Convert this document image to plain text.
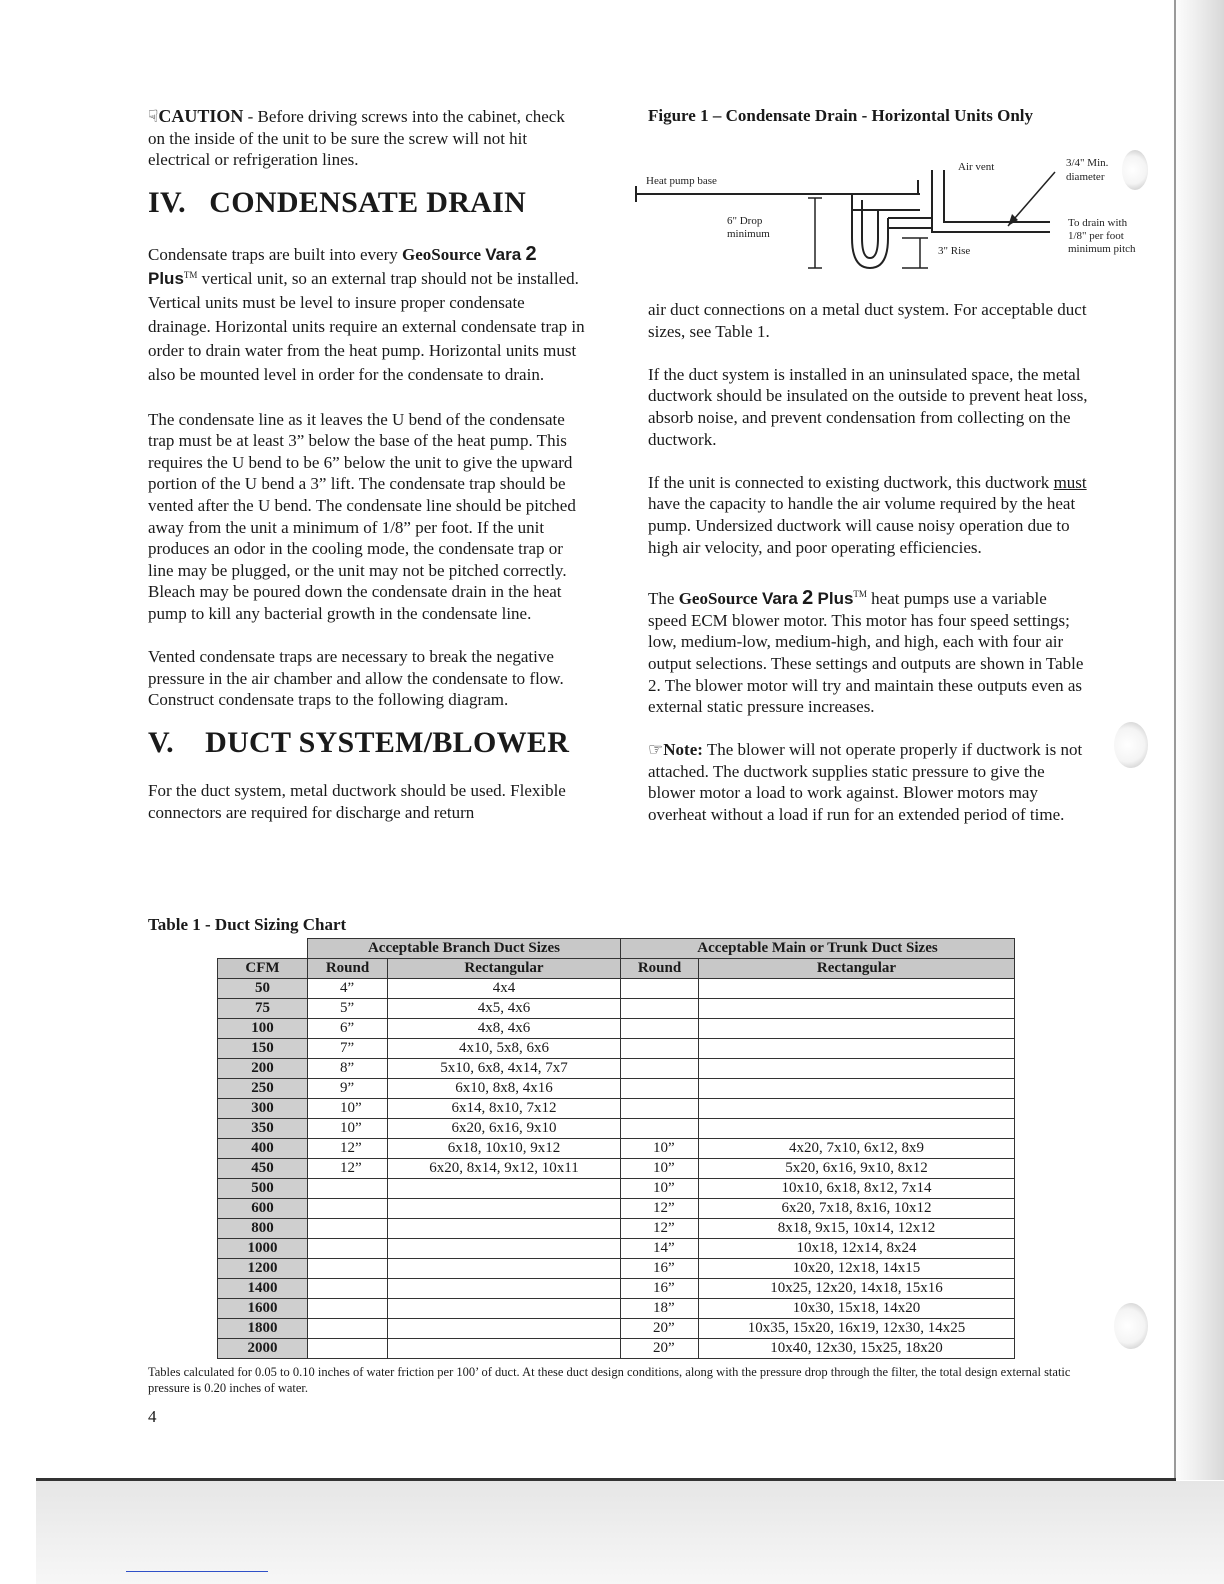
☟CAUTION - Before driving screws into the cabinet, check on the inside of the unit to be sure the screw will not hit electrical or refrigeration lines.

IV. CONDENSATE DRAIN

Condensate traps are built into every GeoSource Vara 2
Plus™ vertical unit, so an external trap should not be installed. Vertical units must be level to insure proper condensate drainage. Horizontal units require an external condensate trap in order to drain water from the heat pump. Horizontal units must also be mounted level in order for the condensate to drain.

The condensate line as it leaves the U bend of the condensate trap must be at least 3” below the base of the heat pump. This requires the U bend to be 6” below the unit to give the upward portion of the U bend a 3” lift. The condensate trap should be vented after the U bend. The condensate line should be pitched away from the unit a minimum of 1/8” per foot. If the unit produces an odor in the cooling mode, the condensate trap or line may be plugged, or the unit may not be pitched correctly. Bleach may be poured down the condensate drain in the heat pump to kill any bacterial growth in the condensate line.

Vented condensate traps are necessary to break the negative pressure in the air chamber and allow the condensate to flow. Construct condensate traps to the following diagram.

V. DUCT SYSTEM/BLOWER

For the duct system, metal ductwork should be used. Flexible connectors are required for discharge and return

Figure 1 – Condensate Drain - Horizontal Units Only
Heat pump base
Air vent
6" Drop
minimum
3" Rise
3/4" Min.
diameter
To drain with
1/8" per foot
minimum pitch

air duct connections on a metal duct system. For acceptable duct sizes, see Table 1.

If the duct system is installed in an uninsulated space, the metal ductwork should be insulated on the outside to prevent heat loss, absorb noise, and prevent condensation from collecting on the ductwork.

If the unit is connected to existing ductwork, this ductwork must have the capacity to handle the air volume required by the heat pump. Undersized ductwork will cause noisy operation due to high air velocity, and poor operating efficiencies.

The GeoSource Vara 2 Plus™ heat pumps use a variable speed ECM blower motor. This motor has four speed settings; low, medium-low, medium-high, and high, each with four air output selections. These settings and outputs are shown in Table 2. The blower motor will try and maintain these outputs even as external static pressure increases.

☞Note: The blower will not operate properly if ductwork is not attached. The ductwork supplies static pressure to give the blower motor a load to work against. Blower motors may overheat without a load if run for an extended period of time.

Table 1 - Duct Sizing Chart
	Acceptable Branch Duct Sizes		Acceptable Main or Trunk Duct Sizes	
CFM	Round	Rectangular	Round	Rectangular
50	4”	4x4		
75	5”	4x5, 4x6		
100	6”	4x8, 4x6		
150	7”	4x10, 5x8, 6x6		
200	8”	5x10, 6x8, 4x14, 7x7		
250	9”	6x10, 8x8, 4x16		
300	10”	6x14, 8x10, 7x12		
350	10”	6x20, 6x16, 9x10		
400	12”	6x18, 10x10, 9x12	10”	4x20, 7x10, 6x12, 8x9
450	12”	6x20, 8x14, 9x12, 10x11	10”	5x20, 6x16, 9x10, 8x12
500			10”	10x10, 6x18, 8x12, 7x14
600			12”	6x20, 7x18, 8x16, 10x12
800			12”	8x18, 9x15, 10x14, 12x12
1000			14”	10x18, 12x14, 8x24
1200			16”	10x20, 12x18, 14x15
1400			16”	10x25, 12x20, 14x18, 15x16
1600			18”	10x30, 15x18, 14x20
1800			20”	10x35, 15x20, 16x19, 12x30, 14x25
2000			20”	10x40, 12x30, 15x25, 18x20
Tables calculated for 0.05 to 0.10 inches of water friction per 100’ of duct. At these duct design conditions, along with the pressure drop through the filter, the total design external static pressure is 0.20 inches of water.
4
